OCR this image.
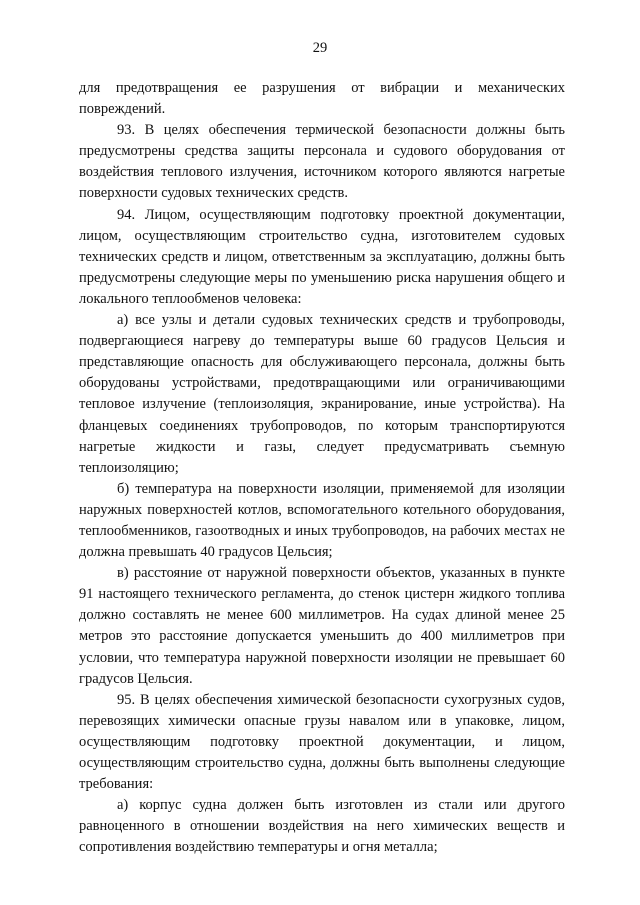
29

для предотвращения ее разрушения от вибрации и механических повреждений.

93. В целях обеспечения термической безопасности должны быть предусмотрены средства защиты персонала и судового оборудования от воздействия теплового излучения, источником которого являются нагретые поверхности судовых технических средств.

94. Лицом, осуществляющим подготовку проектной документации, лицом, осуществляющим строительство судна, изготовителем судовых технических средств и лицом, ответственным за эксплуатацию, должны быть предусмотрены следующие меры по уменьшению риска нарушения общего и локального теплообменов человека:

а) все узлы и детали судовых технических средств и трубопроводы, подвергающиеся нагреву до температуры выше 60 градусов Цельсия и представляющие опасность для обслуживающего персонала, должны быть оборудованы устройствами, предотвращающими или ограничивающими тепловое излучение (теплоизоляция, экранирование, иные устройства). На фланцевых соединениях трубопроводов, по которым транспортируются нагретые жидкости и газы, следует предусматривать съемную теплоизоляцию;

б) температура на поверхности изоляции, применяемой для изоляции наружных поверхностей котлов, вспомогательного котельного оборудования, теплообменников, газоотводных и иных трубопроводов, на рабочих местах не должна превышать 40 градусов Цельсия;

в) расстояние от наружной поверхности объектов, указанных в пункте 91 настоящего технического регламента, до стенок цистерн жидкого топлива должно составлять не менее 600 миллиметров. На судах длиной менее 25 метров это расстояние допускается уменьшить до 400 миллиметров при условии, что температура наружной поверхности изоляции не превышает 60 градусов Цельсия.

95. В целях обеспечения химической безопасности сухогрузных судов, перевозящих химически опасные грузы навалом или в упаковке, лицом, осуществляющим подготовку проектной документации, и лицом, осуществляющим строительство судна, должны быть выполнены следующие требования:

а) корпус судна должен быть изготовлен из стали или другого равноценного в отношении воздействия на него химических веществ и сопротивления воздействию температуры и огня металла;
